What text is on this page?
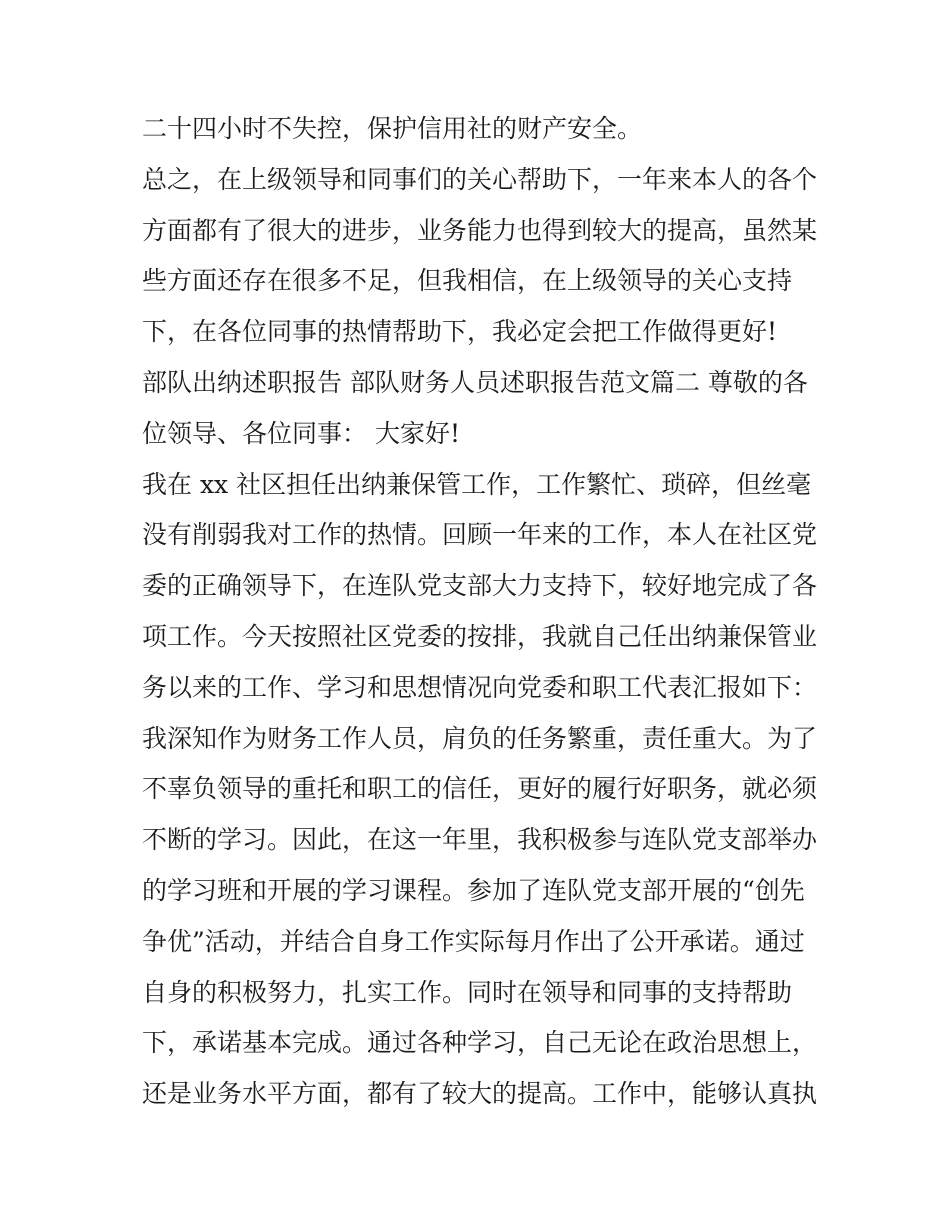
二十四小时不失控，保护信用社的财产安全。
总之，在上级领导和同事们的关心帮助下，一年来本人的各个
方面都有了很大的进步，业务能力也得到较大的提高，虽然某
些方面还存在很多不足，但我相信，在上级领导的关心支持
下，在各位同事的热情帮助下，我必定会把工作做得更好!
部队出纳述职报告 部队财务人员述职报告范文篇二 尊敬的各
位领导、各位同事： 大家好!
我在 xx 社区担任出纳兼保管工作，工作繁忙、琐碎，但丝毫
没有削弱我对工作的热情。回顾一年来的工作，本人在社区党
委的正确领导下，在连队党支部大力支持下，较好地完成了各
项工作。今天按照社区党委的按排，我就自己任出纳兼保管业
务以来的工作、学习和思想情况向党委和职工代表汇报如下：
我深知作为财务工作人员，肩负的任务繁重，责任重大。为了
不辜负领导的重托和职工的信任，更好的履行好职务，就必须
不断的学习。因此，在这一年里，我积极参与连队党支部举办
的学习班和开展的学习课程。参加了连队党支部开展的“创先
争优”活动，并结合自身工作实际每月作出了公开承诺。通过
自身的积极努力，扎实工作。同时在领导和同事的支持帮助
下，承诺基本完成。通过各种学习，自己无论在政治思想上，
还是业务水平方面，都有了较大的提高。工作中，能够认真执
